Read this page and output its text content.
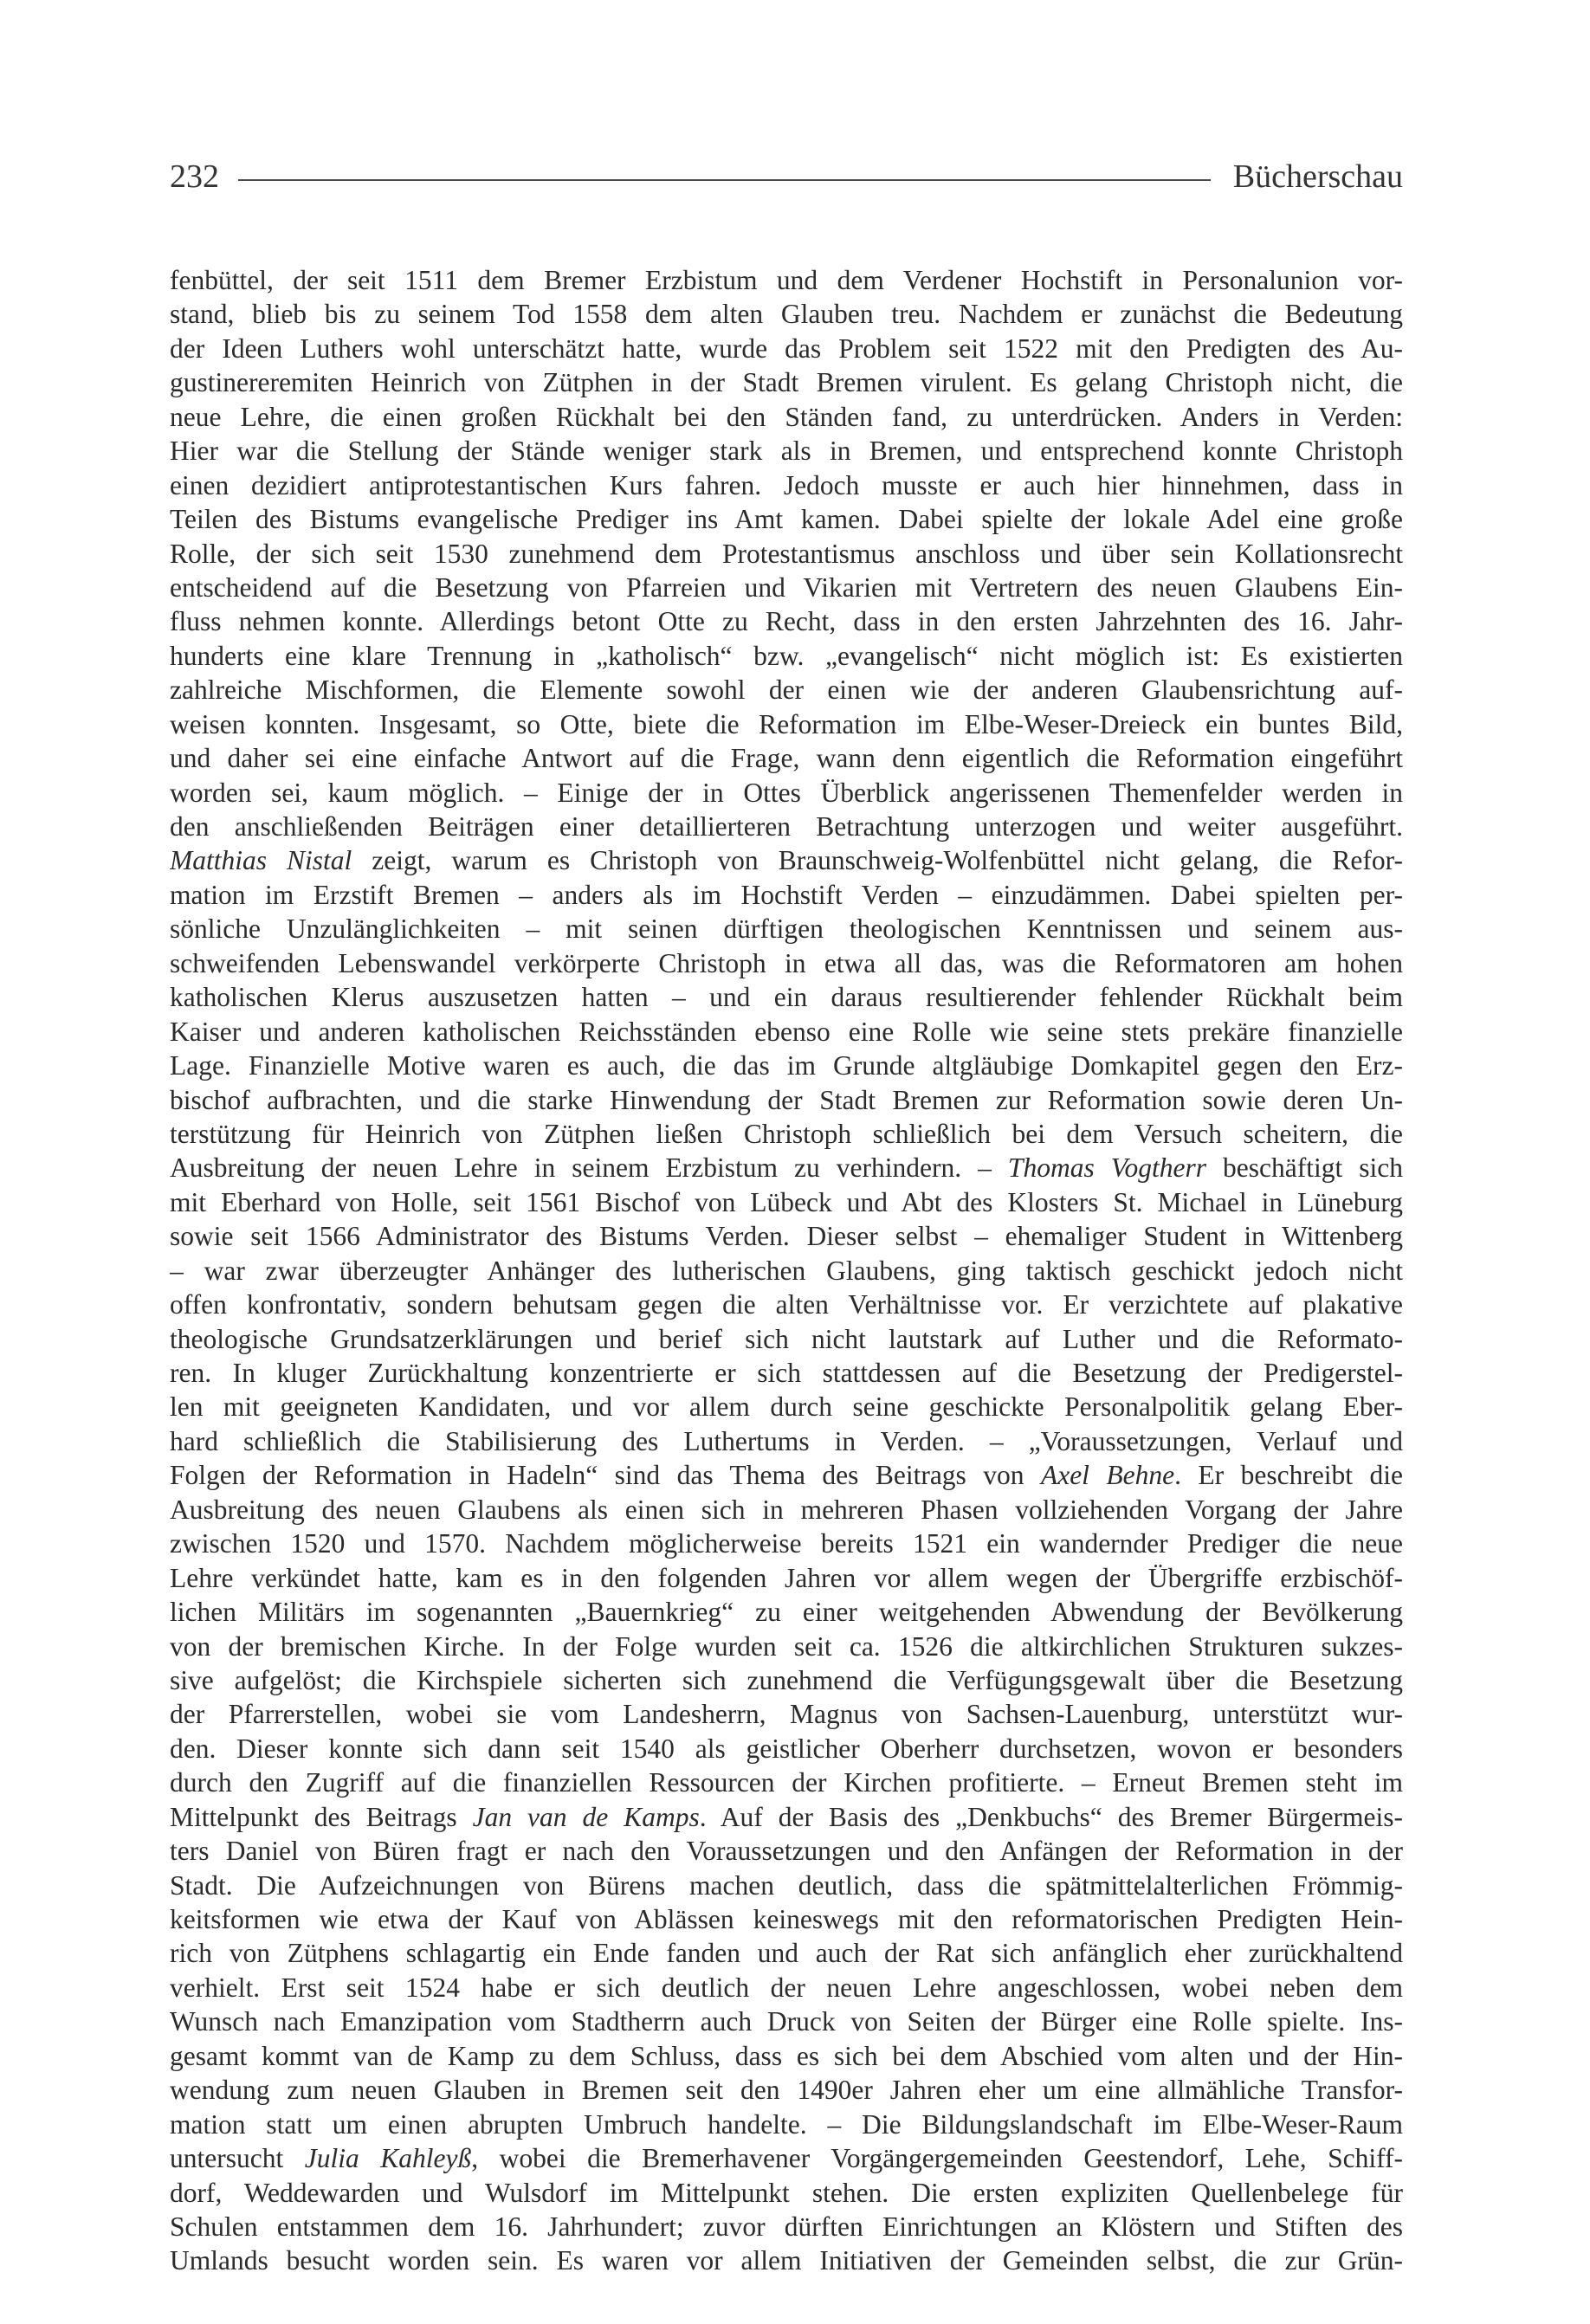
232	Bücherschau
fenbüttel, der seit 1511 dem Bremer Erzbistum und dem Verdener Hochstift in Personalunion vor-
stand, blieb bis zu seinem Tod 1558 dem alten Glauben treu. Nachdem er zunächst die Bedeutung
der Ideen Luthers wohl unterschätzt hatte, wurde das Problem seit 1522 mit den Predigten des Au-
gustinereremiten Heinrich von Zütphen in der Stadt Bremen virulent. Es gelang Christoph nicht, die
neue Lehre, die einen großen Rückhalt bei den Ständen fand, zu unterdrücken. Anders in Verden:
Hier war die Stellung der Stände weniger stark als in Bremen, und entsprechend konnte Christoph
einen dezidiert antiprotestantischen Kurs fahren. Jedoch musste er auch hier hinnehmen, dass in
Teilen des Bistums evangelische Prediger ins Amt kamen. Dabei spielte der lokale Adel eine große
Rolle, der sich seit 1530 zunehmend dem Protestantismus anschloss und über sein Kollationsrecht
entscheidend auf die Besetzung von Pfarreien und Vikarien mit Vertretern des neuen Glaubens Ein-
fluss nehmen konnte. Allerdings betont Otte zu Recht, dass in den ersten Jahrzehnten des 16. Jahr-
hunderts eine klare Trennung in „katholisch“ bzw. „evangelisch“ nicht möglich ist: Es existierten
zahlreiche Mischformen, die Elemente sowohl der einen wie der anderen Glaubensrichtung auf-
weisen konnten. Insgesamt, so Otte, biete die Reformation im Elbe-Weser-Dreieck ein buntes Bild,
und daher sei eine einfache Antwort auf die Frage, wann denn eigentlich die Reformation eingeführt
worden sei, kaum möglich. – Einige der in Ottes Überblick angerissenen Themenfelder werden in
den anschließenden Beiträgen einer detaillierteren Betrachtung unterzogen und weiter ausgeführt.
Matthias Nistal zeigt, warum es Christoph von Braunschweig-Wolfenbüttel nicht gelang, die Refor-
mation im Erzstift Bremen – anders als im Hochstift Verden – einzudämmen. Dabei spielten per-
sönliche Unzulänglichkeiten – mit seinen dürftigen theologischen Kenntnissen und seinem aus-
schweifenden Lebenswandel verkörperte Christoph in etwa all das, was die Reformatoren am hohen
katholischen Klerus auszusetzen hatten – und ein daraus resultierender fehlender Rückhalt beim
Kaiser und anderen katholischen Reichsständen ebenso eine Rolle wie seine stets prekäre finanzielle
Lage. Finanzielle Motive waren es auch, die das im Grunde altgläubige Domkapitel gegen den Erz-
bischof aufbrachten, und die starke Hinwendung der Stadt Bremen zur Reformation sowie deren Un-
terstützung für Heinrich von Zütphen ließen Christoph schließlich bei dem Versuch scheitern, die
Ausbreitung der neuen Lehre in seinem Erzbistum zu verhindern. – Thomas Vogtherr beschäftigt sich
mit Eberhard von Holle, seit 1561 Bischof von Lübeck und Abt des Klosters St. Michael in Lüneburg
sowie seit 1566 Administrator des Bistums Verden. Dieser selbst – ehemaliger Student in Wittenberg
– war zwar überzeugter Anhänger des lutherischen Glaubens, ging taktisch geschickt jedoch nicht
offen konfrontativ, sondern behutsam gegen die alten Verhältnisse vor. Er verzichtete auf plakative
theologische Grundsatzerklärungen und berief sich nicht lautstark auf Luther und die Reformato-
ren. In kluger Zurückhaltung konzentrierte er sich stattdessen auf die Besetzung der Predigerstel-
len mit geeigneten Kandidaten, und vor allem durch seine geschickte Personalpolitik gelang Eber-
hard schließlich die Stabilisierung des Luthertums in Verden. – „Voraussetzungen, Verlauf und
Folgen der Reformation in Hadeln“ sind das Thema des Beitrags von Axel Behne. Er beschreibt die
Ausbreitung des neuen Glaubens als einen sich in mehreren Phasen vollziehenden Vorgang der Jahre
zwischen 1520 und 1570. Nachdem möglicherweise bereits 1521 ein wandernder Prediger die neue
Lehre verkündet hatte, kam es in den folgenden Jahren vor allem wegen der Übergriffe erzbischöf-
lichen Militärs im sogenannten „Bauernkrieg“ zu einer weitgehenden Abwendung der Bevölkerung
von der bremischen Kirche. In der Folge wurden seit ca. 1526 die altkirchlichen Strukturen sukzes-
sive aufgelöst; die Kirchspiele sicherten sich zunehmend die Verfügungsgewalt über die Besetzung
der Pfarrerstellen, wobei sie vom Landesherrn, Magnus von Sachsen-Lauenburg, unterstützt wur-
den. Dieser konnte sich dann seit 1540 als geistlicher Oberherr durchsetzen, wovon er besonders
durch den Zugriff auf die finanziellen Ressourcen der Kirchen profitierte. – Erneut Bremen steht im
Mittelpunkt des Beitrags Jan van de Kamps. Auf der Basis des „Denkbuchs“ des Bremer Bürgermeis-
ters Daniel von Büren fragt er nach den Voraussetzungen und den Anfängen der Reformation in der
Stadt. Die Aufzeichnungen von Bürens machen deutlich, dass die spätmittelalterlichen Frömmig-
keitsformen wie etwa der Kauf von Ablässen keineswegs mit den reformatorischen Predigten Hein-
rich von Zütphens schlagartig ein Ende fanden und auch der Rat sich anfänglich eher zurückhaltend
verhielt. Erst seit 1524 habe er sich deutlich der neuen Lehre angeschlossen, wobei neben dem
Wunsch nach Emanzipation vom Stadtherrn auch Druck von Seiten der Bürger eine Rolle spielte. Ins-
gesamt kommt van de Kamp zu dem Schluss, dass es sich bei dem Abschied vom alten und der Hin-
wendung zum neuen Glauben in Bremen seit den 1490er Jahren eher um eine allmähliche Transfor-
mation statt um einen abrupten Umbruch handelte. – Die Bildungslandschaft im Elbe-Weser-Raum
untersucht Julia Kahleyß, wobei die Bremerhavener Vorgängergemeinden Geestendorf, Lehe, Schiff-
dorf, Weddewarden und Wulsdorf im Mittelpunkt stehen. Die ersten expliziten Quellenbelege für
Schulen entstammen dem 16. Jahrhundert; zuvor dürften Einrichtungen an Klöstern und Stiften des
Umlands besucht worden sein. Es waren vor allem Initiativen der Gemeinden selbst, die zur Grün-
